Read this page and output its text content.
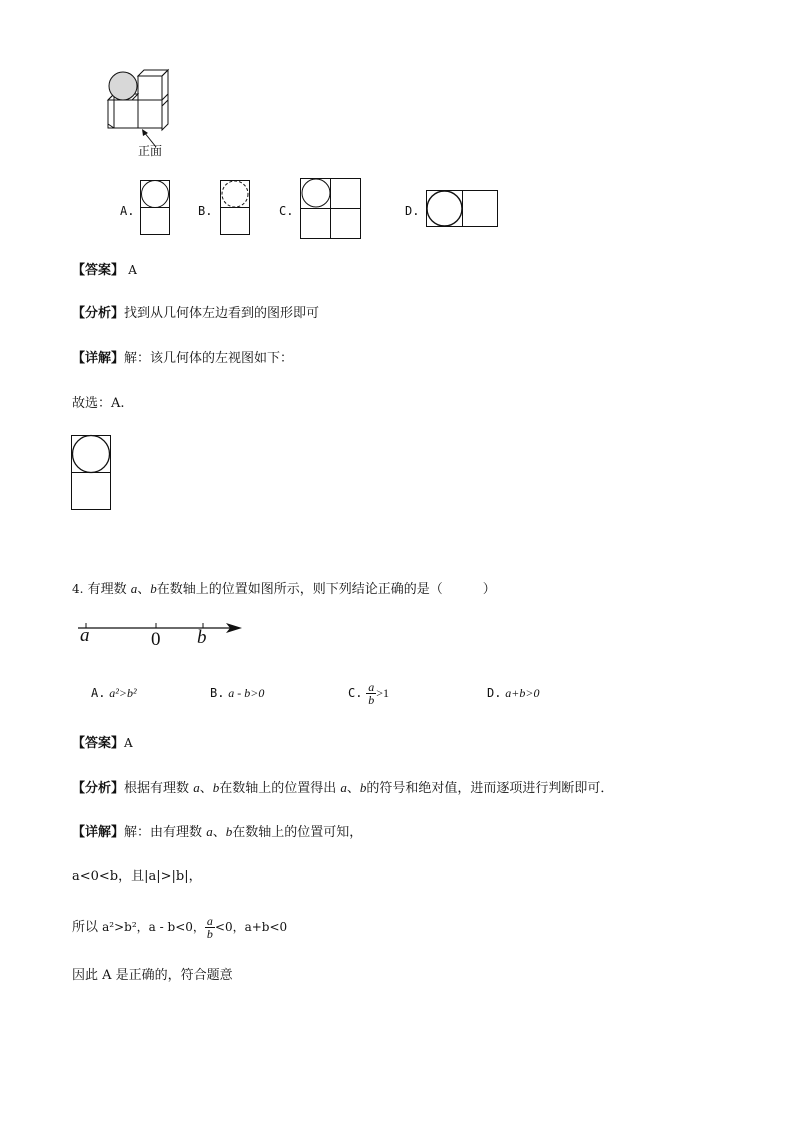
正面
A.	B.	C.	D.
【答案】 A
【分析】找到从几何体左边看到的图形即可
【详解】解：该几何体的左视图如下：
故选：A.
4. 有理数 a、b在数轴上的位置如图所示，则下列结论正确的是（	）
a	0 b
A. a²>b²	B. a - b>0	C. $\frac{a}{b} >1$	D. a+b>0
【答案】A
【分析】根据有理数 a、b在数轴上的位置得出 a、b的符号和绝对值，进而逐项进行判断即可．
【详解】解：由有理数 a、b在数轴上的位置可知，
a<0<b，且|a|>|b|，
所以 a²>b²，a - b<0， $\frac{a}{b} <0$，a+b<0
因此 A 是正确的，符合题意
